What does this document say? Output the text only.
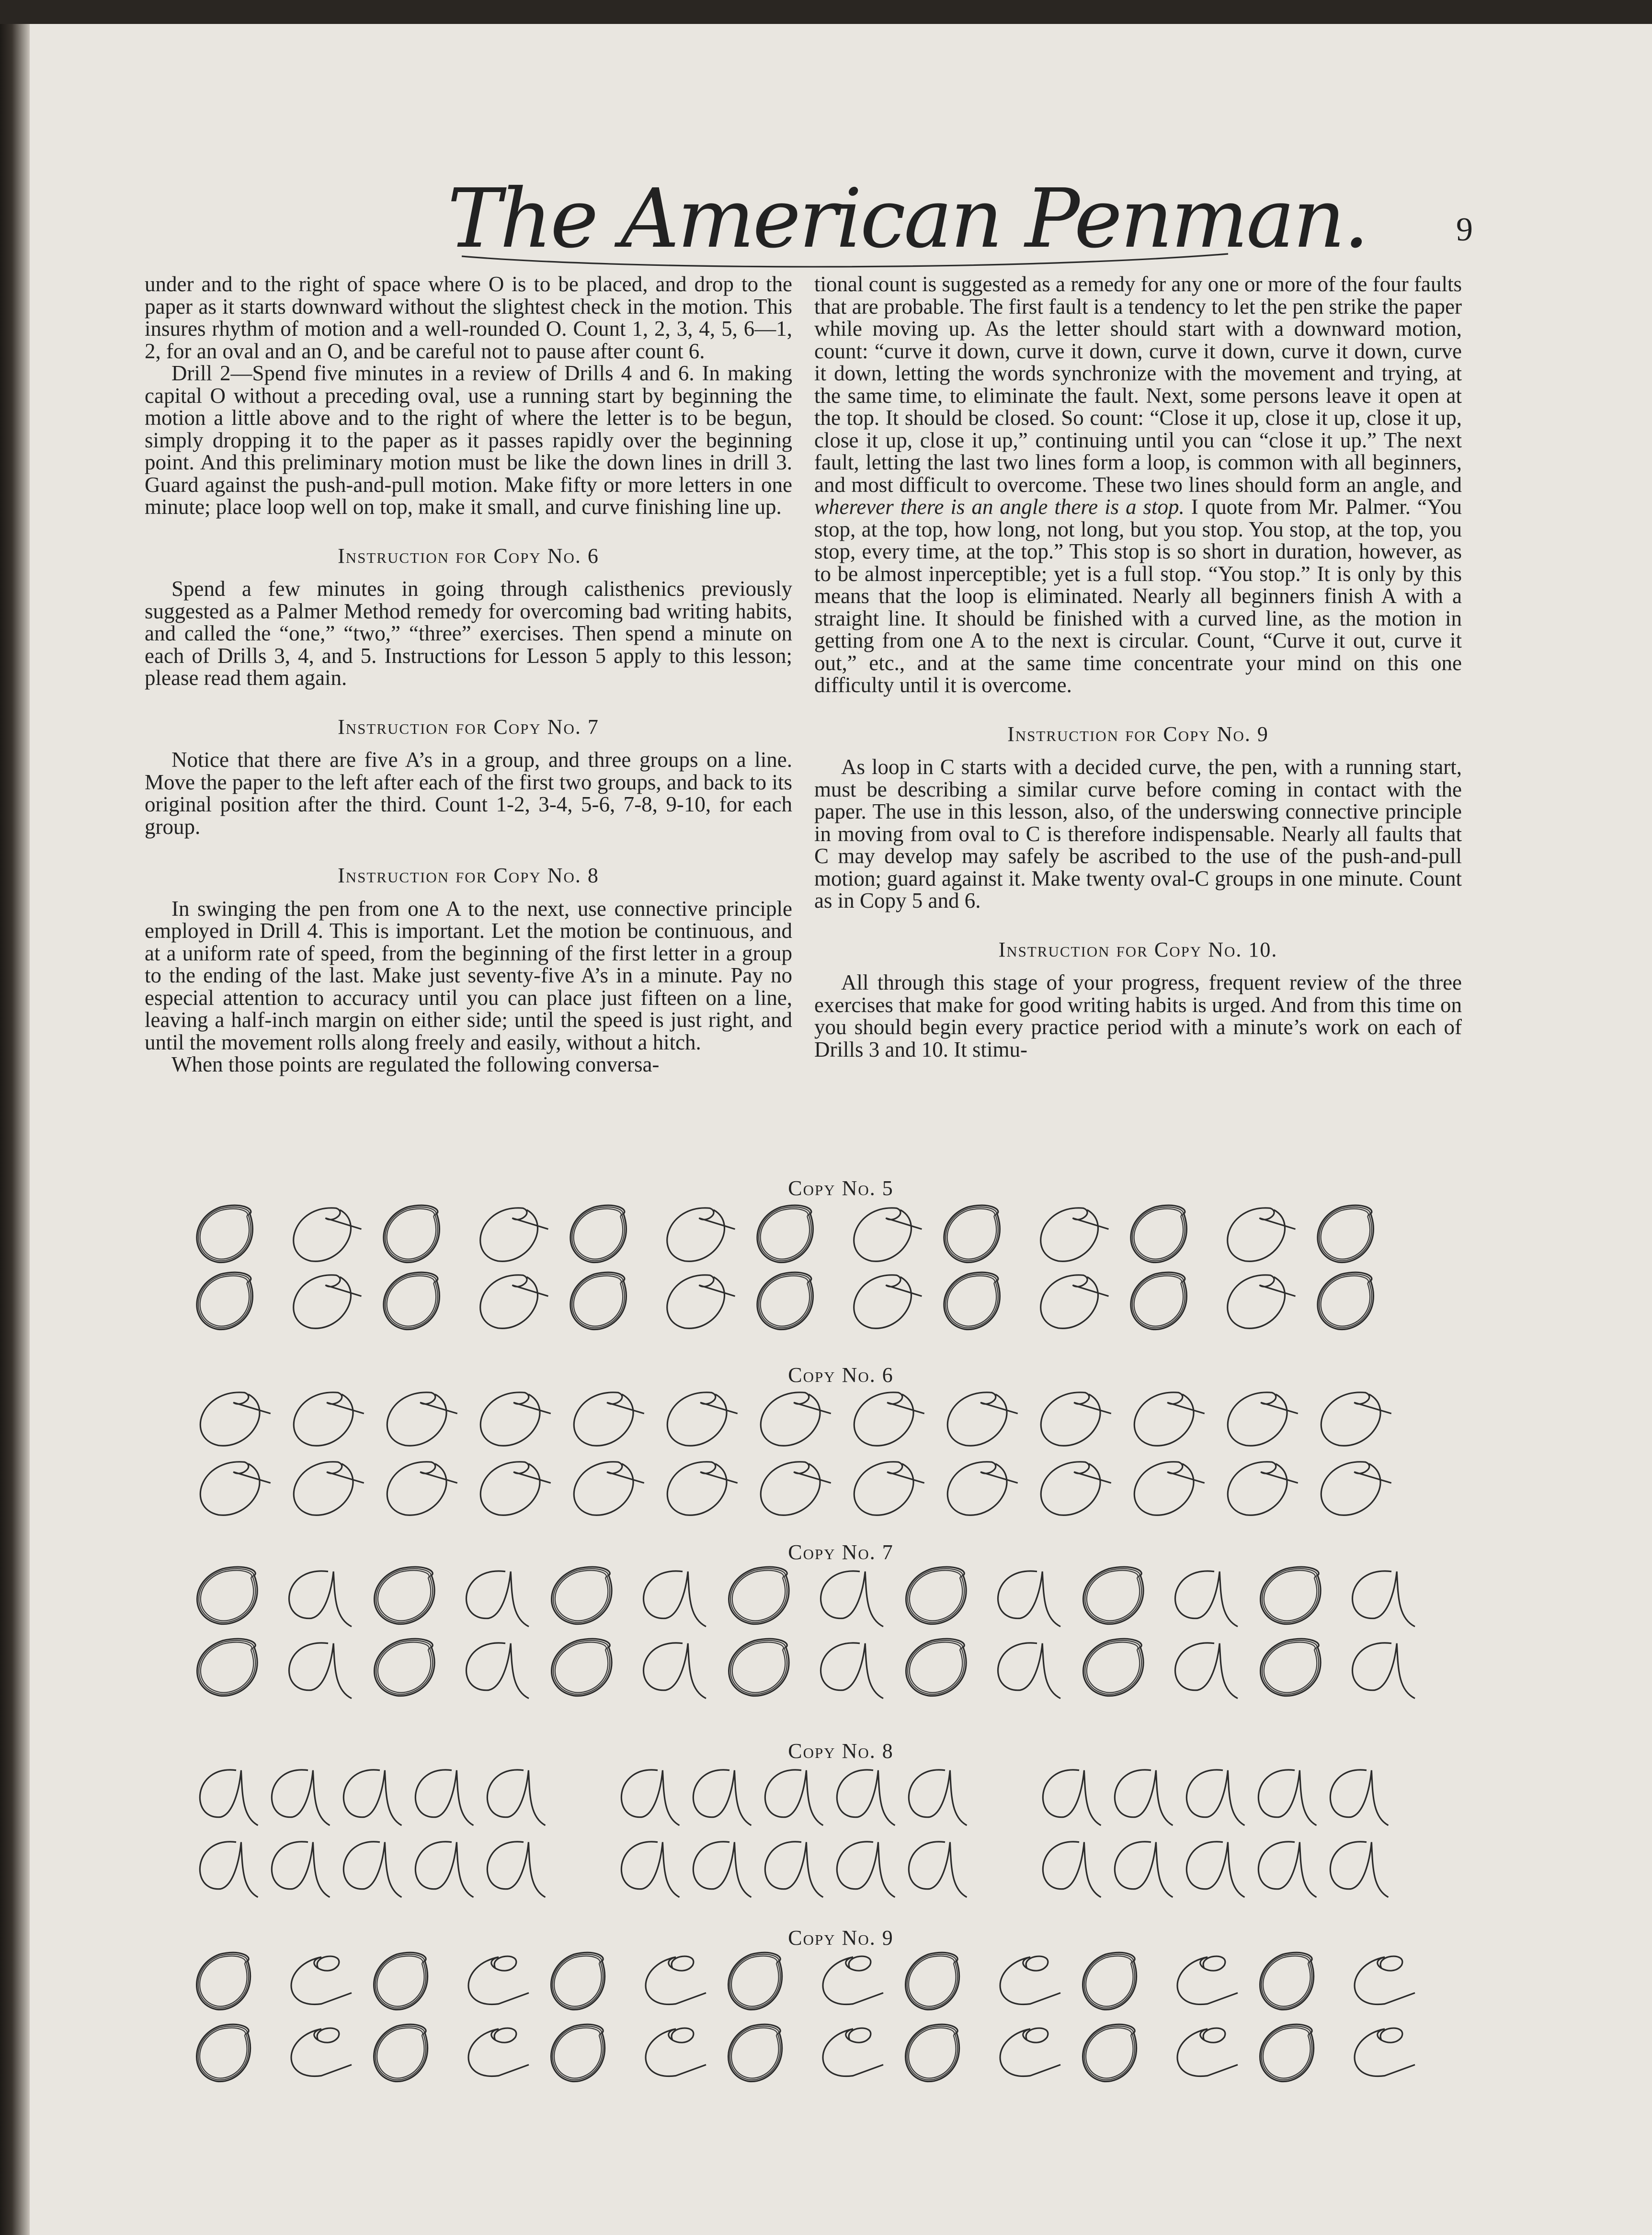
The American Penman.	9

under and to the right of space where O is to be placed, and drop to the paper as it starts downward without the slightest check in the motion. This insures rhythm of motion and a well-rounded O. Count 1, 2, 3, 4, 5, 6—1, 2, for an oval and an O, and be careful not to pause after count 6.

Drill 2—Spend five minutes in a review of Drills 4 and 6. In making capital O without a preceding oval, use a running start by beginning the motion a little above and to the right of where the letter is to be begun, simply dropping it to the paper as it passes rapidly over the beginning point. And this preliminary motion must be like the down lines in drill 3. Guard against the push-and-pull motion. Make fifty or more letters in one minute; place loop well on top, make it small, and curve finishing line up.

Instruction for Copy No. 6

Spend a few minutes in going through calisthenics previously suggested as a Palmer Method remedy for overcoming bad writing habits, and called the “one,” “two,” “three” exercises. Then spend a minute on each of Drills 3, 4, and 5. Instructions for Lesson 5 apply to this lesson; please read them again.

Instruction for Copy No. 7

Notice that there are five A’s in a group, and three groups on a line. Move the paper to the left after each of the first two groups, and back to its original position after the third. Count 1-2, 3-4, 5-6, 7-8, 9-10, for each group.

Instruction for Copy No. 8

In swinging the pen from one A to the next, use connective principle employed in Drill 4. This is important. Let the motion be continuous, and at a uniform rate of speed, from the beginning of the first letter in a group to the ending of the last. Make just seventy-five A’s in a minute. Pay no especial attention to accuracy until you can place just fifteen on a line, leaving a half-inch margin on either side; until the speed is just right, and until the movement rolls along freely and easily, without a hitch.

When those points are regulated the following conversa-

tional count is suggested as a remedy for any one or more of the four faults that are probable. The first fault is a tendency to let the pen strike the paper while moving up. As the letter should start with a downward motion, count: “curve it down, curve it down, curve it down, curve it down, curve it down, letting the words synchronize with the movement and trying, at the same time, to eliminate the fault. Next, some persons leave it open at the top. It should be closed. So count: “Close it up, close it up, close it up, close it up, close it up,” continuing until you can “close it up.” The next fault, letting the last two lines form a loop, is common with all beginners, and most difficult to overcome. These two lines should form an angle, and wherever there is an angle there is a stop. I quote from Mr. Palmer. “You stop, at the top, how long, not long, but you stop. You stop, at the top, you stop, every time, at the top.” This stop is so short in duration, however, as to be almost inperceptible; yet is a full stop. “You stop.” It is only by this means that the loop is eliminated. Nearly all beginners finish A with a straight line. It should be finished with a curved line, as the motion in getting from one A to the next is circular. Count, “Curve it out, curve it out,” etc., and at the same time concentrate your mind on this one difficulty until it is overcome.

Instruction for Copy No. 9

As loop in C starts with a decided curve, the pen, with a running start, must be describing a similar curve before coming in contact with the paper. The use in this lesson, also, of the underswing connective principle in moving from oval to C is therefore indispensable. Nearly all faults that C may develop may safely be ascribed to the use of the push-and-pull motion; guard against it. Make twenty oval-C groups in one minute. Count as in Copy 5 and 6.

Instruction for Copy No. 10.

All through this stage of your progress, frequent review of the three exercises that make for good writing habits is urged. And from this time on you should begin every practice period with a minute’s work on each of Drills 3 and 10. It stimu-

Copy No. 5
Copy No. 6
Copy No. 7
Copy No. 8
Copy No. 9
